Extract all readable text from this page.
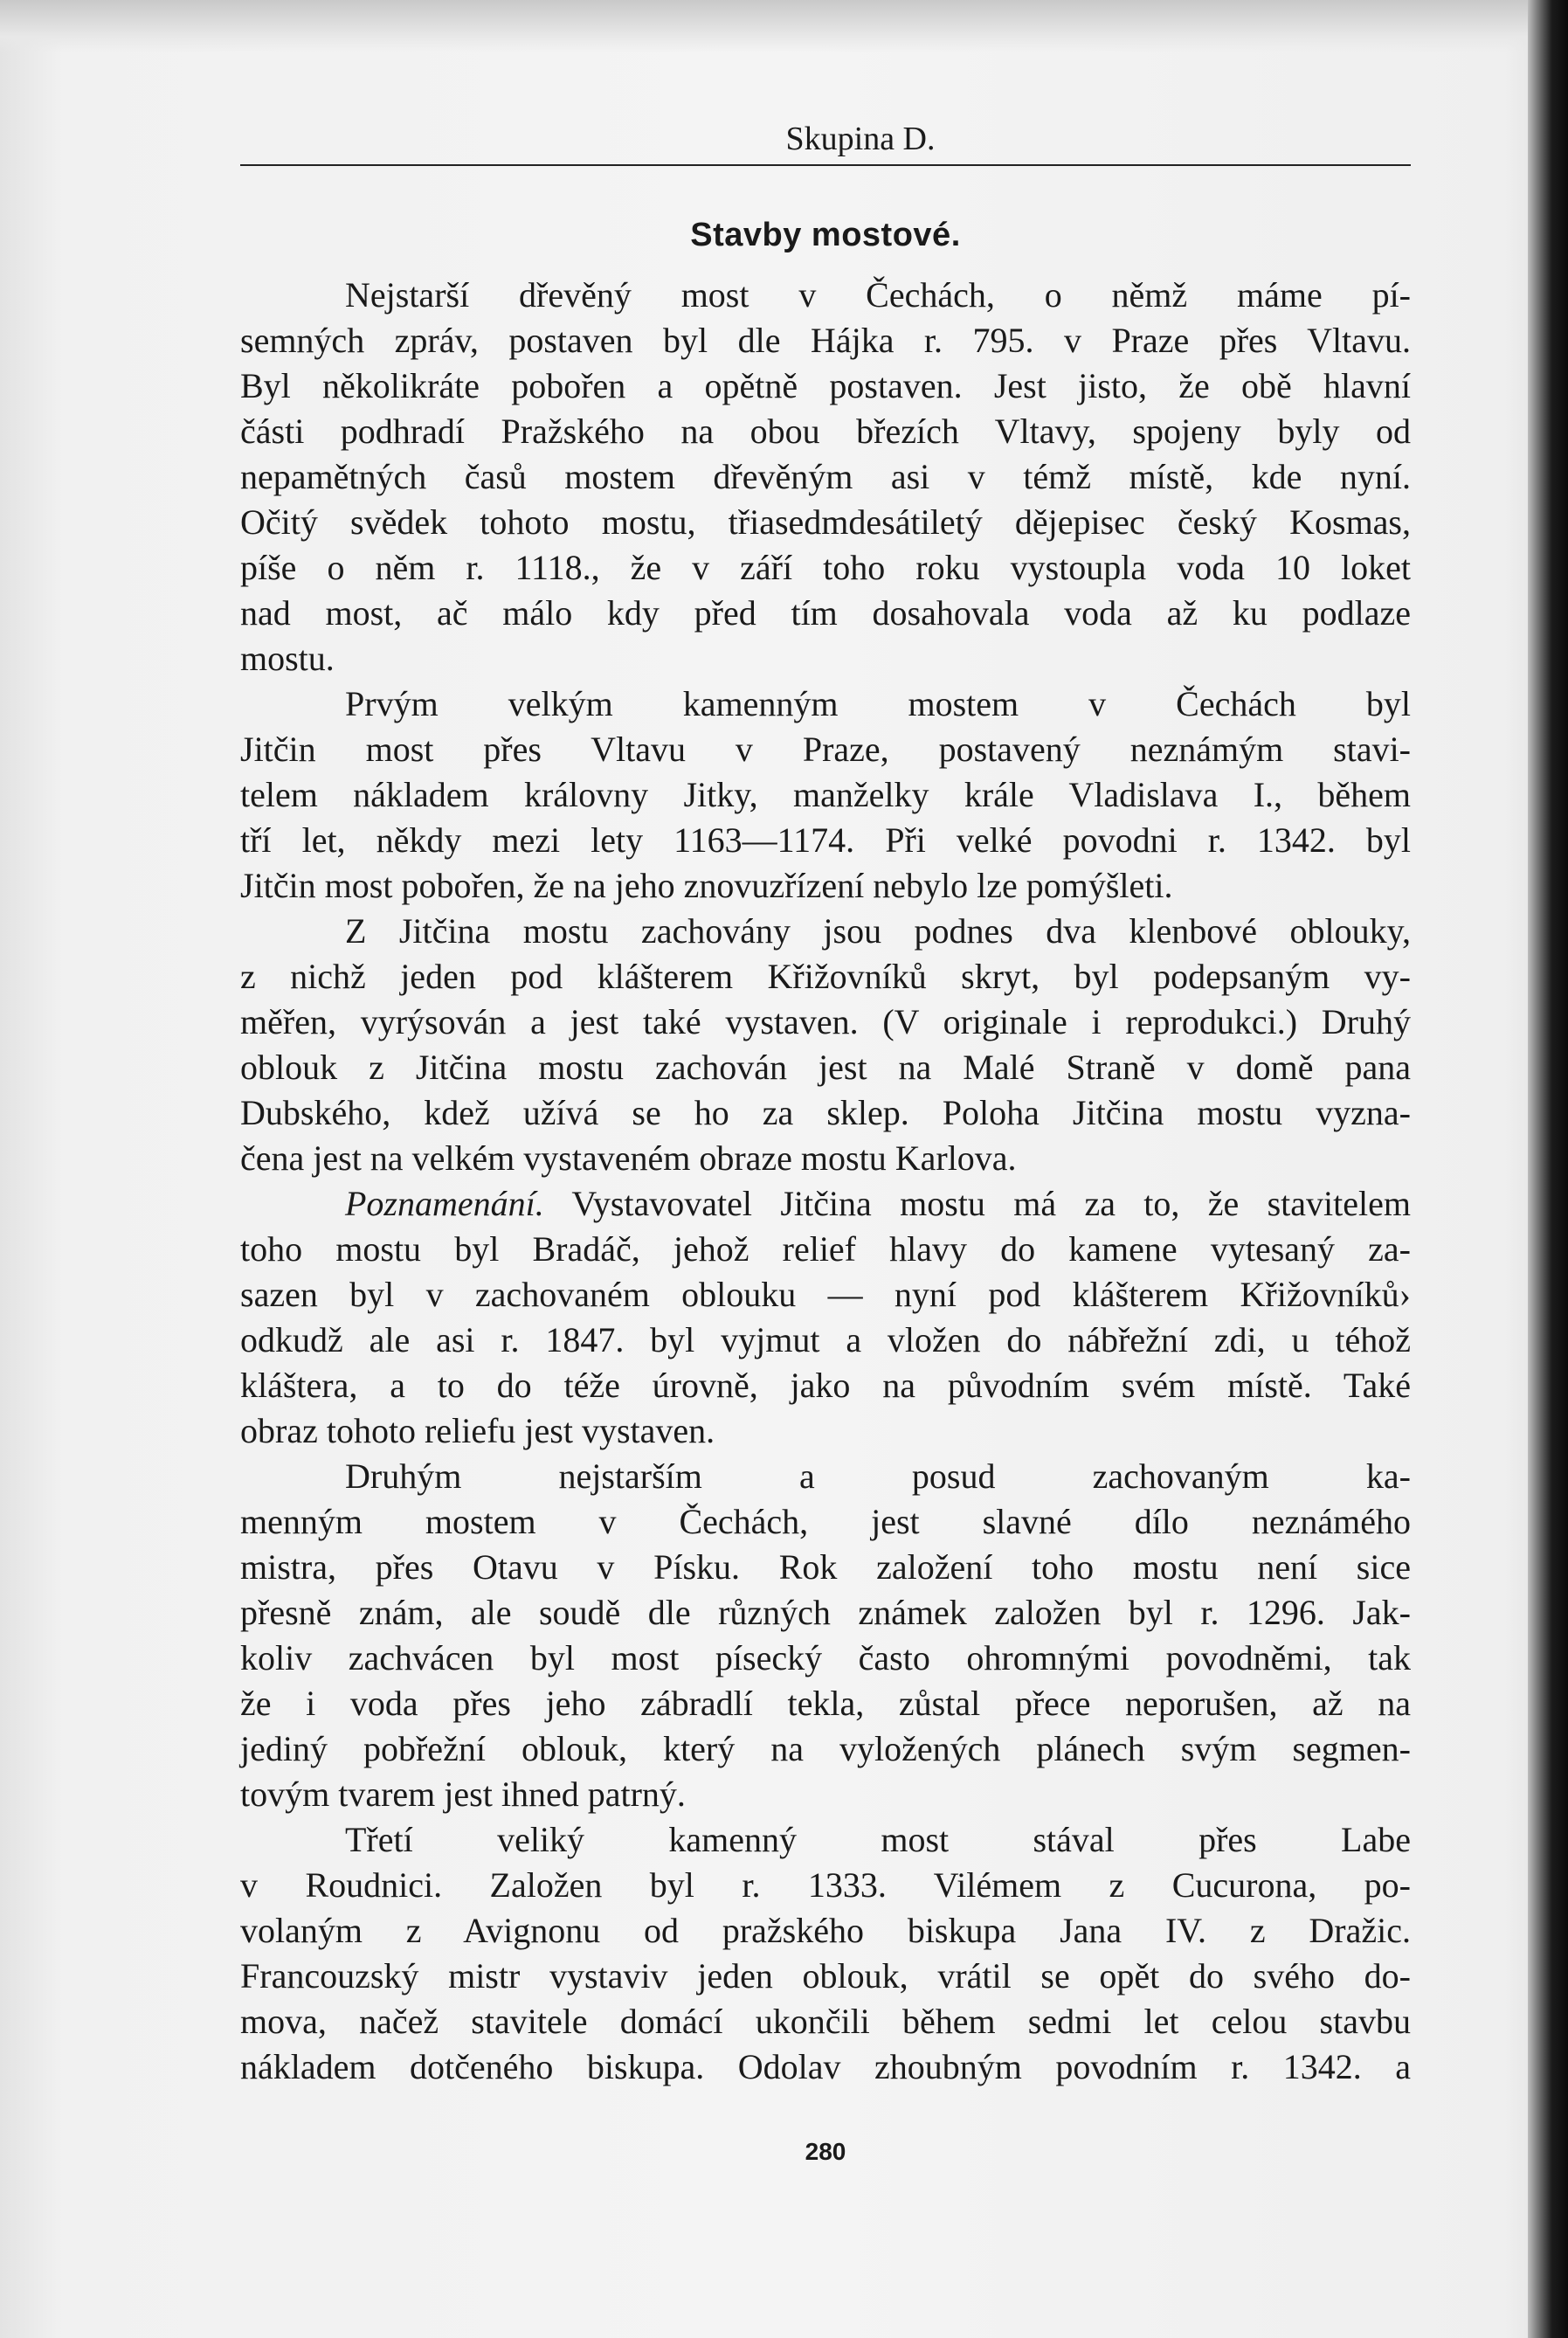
Skupina D.
Stavby mostové.
Nejstarší dřevěný most v Čechách, o němž máme pí-
semných zpráv, postaven byl dle Hájka r. 795. v Praze přes Vltavu.
Byl několikráte pobořen a opětně postaven. Jest jisto, že obě hlavní
části podhradí Pražského na obou březích Vltavy, spojeny byly od
nepamětných časů mostem dřevěným asi v témž místě, kde nyní.
Očitý svědek tohoto mostu, třiasedmdesátiletý dějepisec český Kosmas,
píše o něm r. 1118., že v září toho roku vystoupla voda 10 loket
nad most, ač málo kdy před tím dosahovala voda až ku podlaze
mostu.
Prvým velkým kamenným mostem v Čechách byl
Jitčin most přes Vltavu v Praze, postavený neznámým stavi-
telem nákladem královny Jitky, manželky krále Vladislava I., během
tří let, někdy mezi lety 1163—1174. Při velké povodni r. 1342. byl
Jitčin most pobořen, že na jeho znovuzřízení nebylo lze pomýšleti.
Z Jitčina mostu zachovány jsou podnes dva klenbové oblouky,
z nichž jeden pod klášterem Křižovníků skryt, byl podepsaným vy-
měřen, vyrýsován a jest také vystaven. (V originale i reprodukci.) Druhý
oblouk z Jitčina mostu zachován jest na Malé Straně v domě pana
Dubského, kdež užívá se ho za sklep. Poloha Jitčina mostu vyzna-
čena jest na velkém vystaveném obraze mostu Karlova.
Poznamenání. Vystavovatel Jitčina mostu má za to, že stavitelem
toho mostu byl Bradáč, jehož relief hlavy do kamene vytesaný za-
sazen byl v zachovaném oblouku — nyní pod klášterem Křižovníků›
odkudž ale asi r. 1847. byl vyjmut a vložen do nábřežní zdi, u téhož
kláštera, a to do téže úrovně, jako na původním svém místě. Také
obraz tohoto reliefu jest vystaven.
Druhým nejstarším a posud zachovaným ka-
menným mostem v Čechách, jest slavné dílo neznámého
mistra, přes Otavu v Písku. Rok založení toho mostu není sice
přesně znám, ale soudě dle různých známek založen byl r. 1296. Jak-
koliv zachvácen byl most písecký často ohromnými povodněmi, tak
že i voda přes jeho zábradlí tekla, zůstal přece neporušen, až na
jediný pobřežní oblouk, který na vyložených plánech svým segmen-
tovým tvarem jest ihned patrný.
Třetí veliký kamenný most stával přes Labe
v Roudnici. Založen byl r. 1333. Vilémem z Cucurona, po-
volaným z Avignonu od pražského biskupa Jana IV. z Dražic.
Francouzský mistr vystaviv jeden oblouk, vrátil se opět do svého do-
mova, načež stavitele domácí ukončili během sedmi let celou stavbu
nákladem dotčeného biskupa. Odolav zhoubným povodním r. 1342. a
280
